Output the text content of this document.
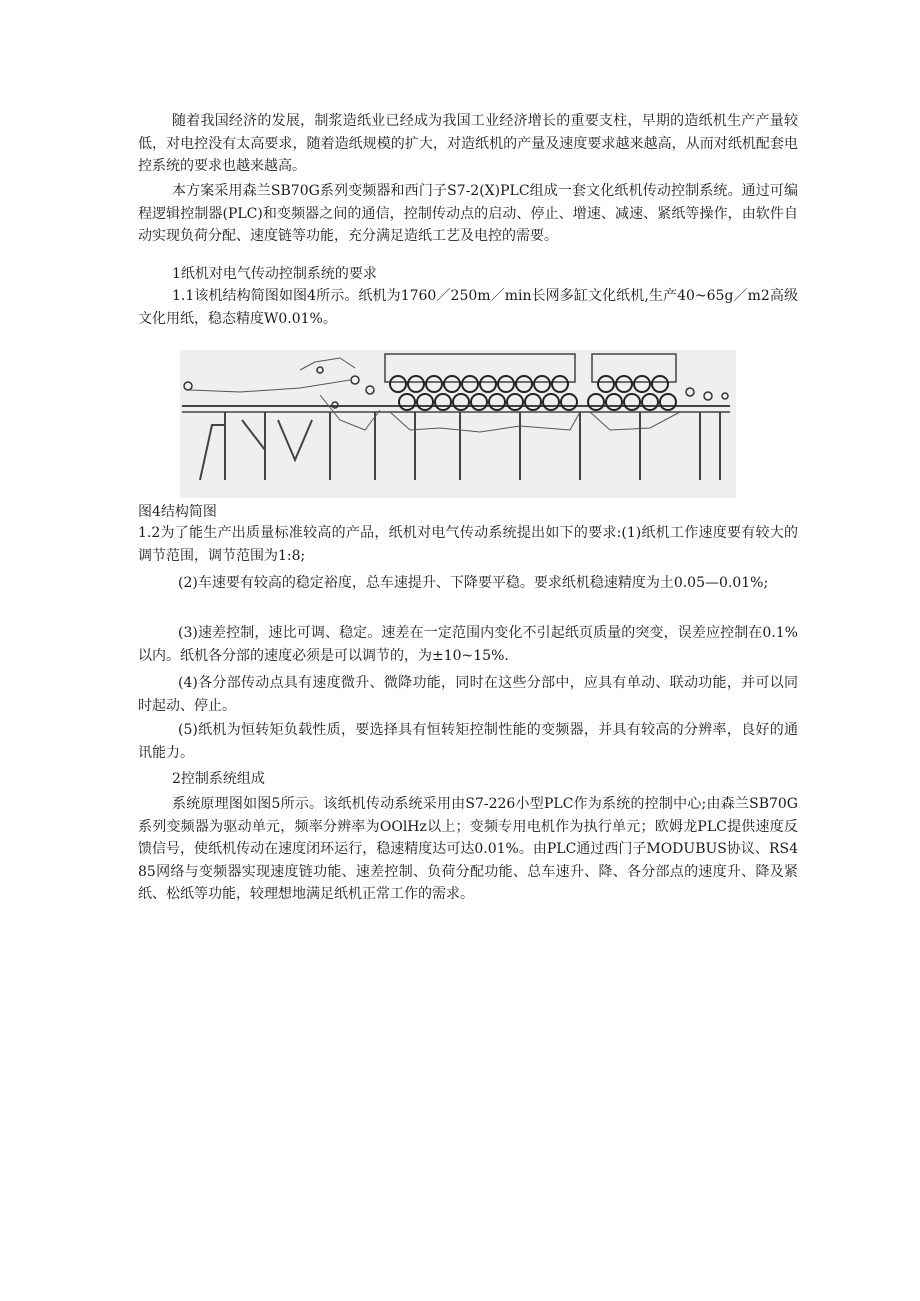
随着我国经济的发展，制浆造纸业已经成为我国工业经济增长的重要支柱，早期的造纸机生产产量较低，对电控没有太高要求，随着造纸规模的扩大，对造纸机的产量及速度要求越来越高，从而对纸机配套电控系统的要求也越来越高。

本方案采用森兰SB70G系列变频器和西门子S7-2(X)PLC组成一套文化纸机传动控制系统。通过可编程逻辑控制器(PLC)和变频器之间的通信，控制传动点的启动、停止、增速、减速、紧纸等操作，由软件自动实现负荷分配、速度链等功能，充分满足造纸工艺及电控的需要。

1纸机对电气传动控制系统的要求

1.1该机结构简图如图4所示。纸机为1760／250m／min长网多缸文化纸机,生产40~65g／m2高级文化用纸，稳态精度W0.01%。

图4结构简图

1.2为了能生产出质量标准较高的产品，纸机对电气传动系统提出如下的要求:(1)纸机工作速度要有较大的调节范围，调节范围为1:8;

(2)车速要有较高的稳定裕度，总车速提升、下降要平稳。要求纸机稳速精度为土0.05—0.01%;

(3)速差控制，速比可调、稳定。速差在一定范围内变化不引起纸页质量的突变，误差应控制在0.1%以内。纸机各分部的速度必须是可以调节的，为±10~15%.

(4)各分部传动点具有速度微升、微降功能，同时在这些分部中，应具有单动、联动功能，并可以同时起动、停止。

(5)纸机为恒转矩负载性质，要选择具有恒转矩控制性能的变频器，并具有较高的分辨率，良好的通讯能力。

2控制系统组成

系统原理图如图5所示。该纸机传动系统采用由S7-226小型PLC作为系统的控制中心;由森兰SB70G系列变频器为驱动单元，频率分辨率为OOlHz以上；变频专用电机作为执行单元；欧姆龙PLC提供速度反馈信号，使纸机传动在速度闭环运行，稳速精度达可达0.01%。由PLC通过西门子MODUBUS协议、RS485网络与变频器实现速度链功能、速差控制、负荷分配功能、总车速升、降、各分部点的速度升、降及紧纸、松纸等功能，较理想地满足纸机正常工作的需求。
